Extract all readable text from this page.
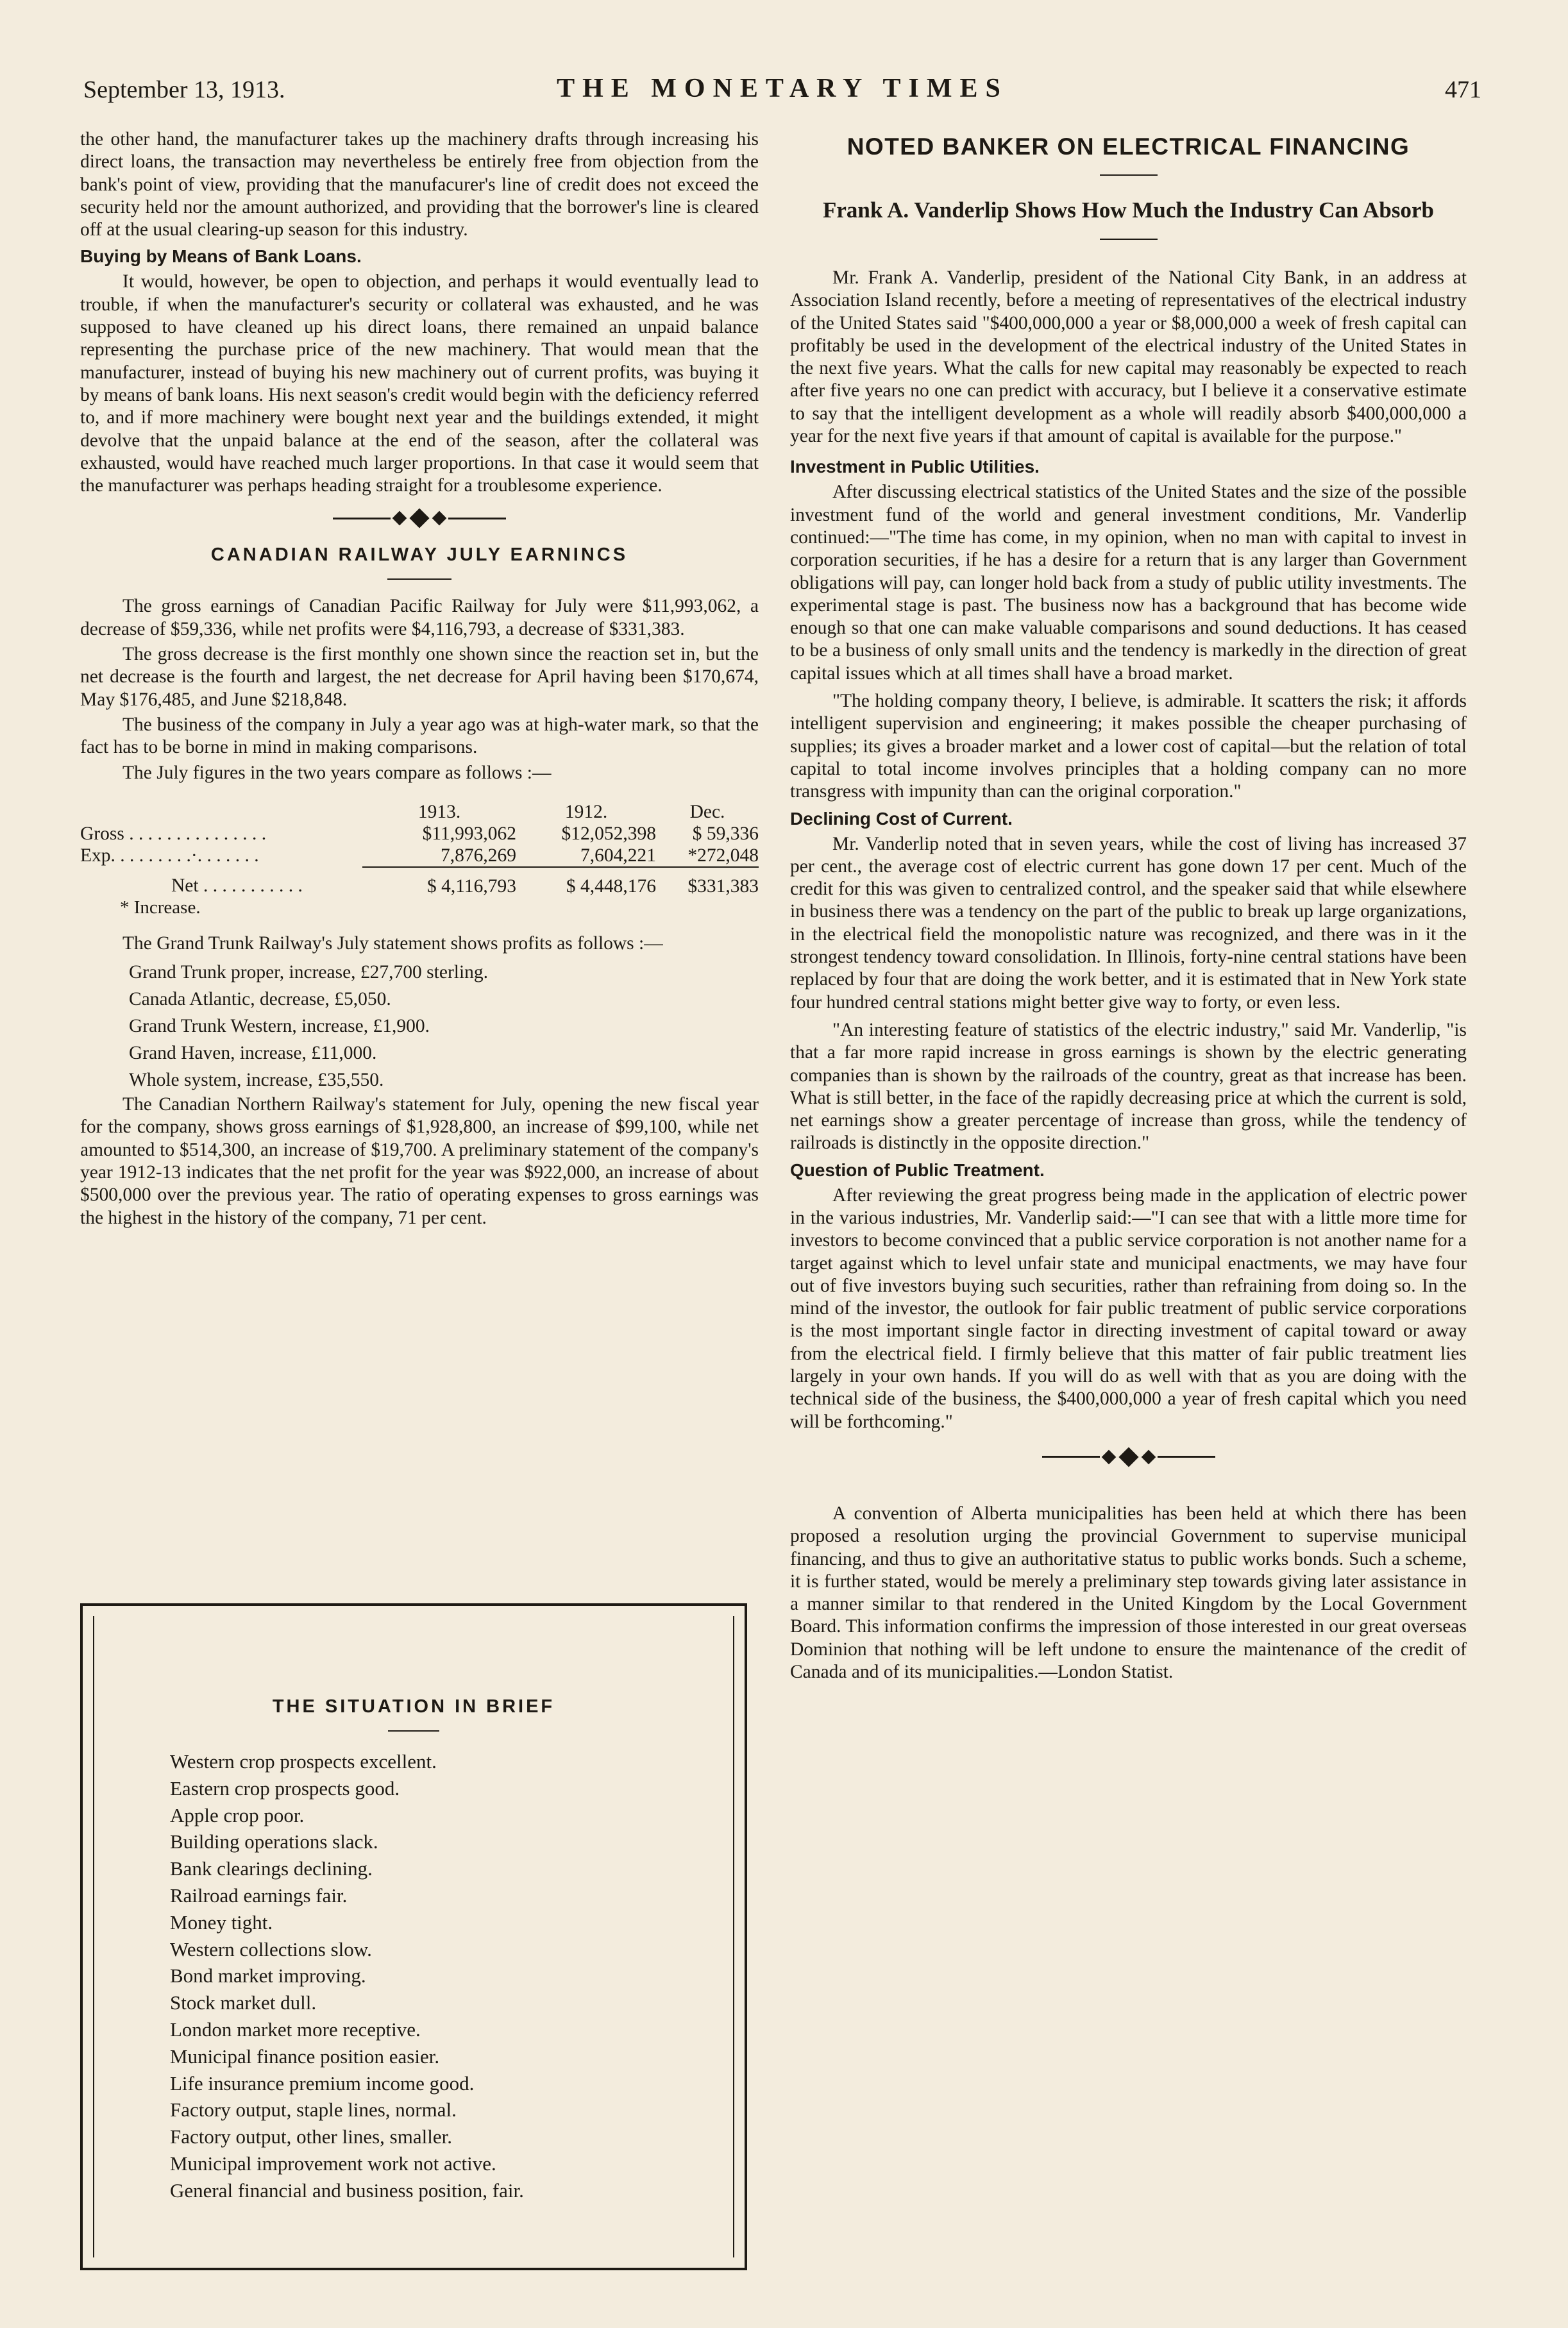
September 13, 1913.	THE MONETARY TIMES	471

the other hand, the manufacturer takes up the machinery drafts through increasing his direct loans, the transaction may nevertheless be entirely free from objection from the bank's point of view, providing that the manufacurer's line of credit does not exceed the security held nor the amount authorized, and providing that the borrower's line is cleared off at the usual clearing-up season for this industry.

Buying by Means of Bank Loans.

It would, however, be open to objection, and perhaps it would eventually lead to trouble, if when the manufacturer's security or collateral was exhausted, and he was supposed to have cleaned up his direct loans, there remained an unpaid balance representing the purchase price of the new machinery. That would mean that the manufacturer, instead of buying his new machinery out of current profits, was buying it by means of bank loans. His next season's credit would begin with the deficiency referred to, and if more machinery were bought next year and the buildings extended, it might devolve that the unpaid balance at the end of the season, after the collateral was exhausted, would have reached much larger proportions. In that case it would seem that the manufacturer was perhaps heading straight for a troublesome experience.

CANADIAN RAILWAY JULY EARNINCS

The gross earnings of Canadian Pacific Railway for July were $11,993,062, a decrease of $59,336, while net profits were $4,116,793, a decrease of $331,383.

The gross decrease is the first monthly one shown since the reaction set in, but the net decrease is the fourth and largest, the net decrease for April having been $170,674, May $176,485, and June $218,848.

The business of the company in July a year ago was at high-water mark, so that the fact has to be borne in mind in making comparisons.

The July figures in the two years compare as follows :—

	1913.	1912.	Dec.
Gross . . . . . . . . . . . . . . .	$11,993,062	$12,052,398	$ 59,336
Exp. . . . . . . . .·. . . . . . .	7,876,269	7,604,221	*272,048
Net . . . . . . . . . . .	$ 4,116,793	$ 4,448,176	$331,383
* Increase.

The Grand Trunk Railway's July statement shows profits as follows :—

Grand Trunk proper, increase, £27,700 sterling.
Canada Atlantic, decrease, £5,050.
Grand Trunk Western, increase, £1,900.
Grand Haven, increase, £11,000.
Whole system, increase, £35,550.

The Canadian Northern Railway's statement for July, opening the new fiscal year for the company, shows gross earnings of $1,928,800, an increase of $99,100, while net amounted to $514,300, an increase of $19,700. A preliminary statement of the company's year 1912-13 indicates that the net profit for the year was $922,000, an increase of about $500,000 over the previous year. The ratio of operating expenses to gross earnings was the highest in the history of the company, 71 per cent.

THE SITUATION IN BRIEF
Western crop prospects excellent.
Eastern crop prospects good.
Apple crop poor.
Building operations slack.
Bank clearings declining.
Railroad earnings fair.
Money tight.
Western collections slow.
Bond market improving.
Stock market dull.
London market more receptive.
Municipal finance position easier.
Life insurance premium income good.
Factory output, staple lines, normal.
Factory output, other lines, smaller.
Municipal improvement work not active.
General financial and business position, fair.
NOTED BANKER ON ELECTRICAL FINANCING
Frank A. Vanderlip Shows How Much the Industry Can Absorb

Mr. Frank A. Vanderlip, president of the National City Bank, in an address at Association Island recently, before a meeting of representatives of the electrical industry of the United States said "$400,000,000 a year or $8,000,000 a week of fresh capital can profitably be used in the development of the electrical industry of the United States in the next five years. What the calls for new capital may reasonably be expected to reach after five years no one can predict with accuracy, but I believe it a conservative estimate to say that the intelligent development as a whole will readily absorb $400,000,000 a year for the next five years if that amount of capital is available for the purpose."

Investment in Public Utilities.

After discussing electrical statistics of the United States and the size of the possible investment fund of the world and general investment conditions, Mr. Vanderlip continued:—"The time has come, in my opinion, when no man with capital to invest in corporation securities, if he has a desire for a return that is any larger than Government obligations will pay, can longer hold back from a study of public utility investments. The experimental stage is past. The business now has a background that has become wide enough so that one can make valuable comparisons and sound deductions. It has ceased to be a business of only small units and the tendency is markedly in the direction of great capital issues which at all times shall have a broad market.

"The holding company theory, I believe, is admirable. It scatters the risk; it affords intelligent supervision and engineering; it makes possible the cheaper purchasing of supplies; its gives a broader market and a lower cost of capital—but the relation of total capital to total income involves principles that a holding company can no more transgress with impunity than can the original corporation."

Declining Cost of Current.

Mr. Vanderlip noted that in seven years, while the cost of living has increased 37 per cent., the average cost of electric current has gone down 17 per cent. Much of the credit for this was given to centralized control, and the speaker said that while elsewhere in business there was a tendency on the part of the public to break up large organizations, in the electrical field the monopolistic nature was recognized, and there was in it the strongest tendency toward consolidation. In Illinois, forty-nine central stations have been replaced by four that are doing the work better, and it is estimated that in New York state four hundred central stations might better give way to forty, or even less.

"An interesting feature of statistics of the electric industry," said Mr. Vanderlip, "is that a far more rapid increase in gross earnings is shown by the electric generating companies than is shown by the railroads of the country, great as that increase has been. What is still better, in the face of the rapidly decreasing price at which the current is sold, net earnings show a greater percentage of increase than gross, while the tendency of railroads is distinctly in the opposite direction."

Question of Public Treatment.

After reviewing the great progress being made in the application of electric power in the various industries, Mr. Vanderlip said:—"I can see that with a little more time for investors to become convinced that a public service corporation is not another name for a target against which to level unfair state and municipal enactments, we may have four out of five investors buying such securities, rather than refraining from doing so. In the mind of the investor, the outlook for fair public treatment of public service corporations is the most important single factor in directing investment of capital toward or away from the electrical field. I firmly believe that this matter of fair public treatment lies largely in your own hands. If you will do as well with that as you are doing with the technical side of the business, the $400,000,000 a year of fresh capital which you need will be forthcoming."

A convention of Alberta municipalities has been held at which there has been proposed a resolution urging the provincial Government to supervise municipal financing, and thus to give an authoritative status to public works bonds. Such a scheme, it is further stated, would be merely a preliminary step towards giving later assistance in a manner similar to that rendered in the United Kingdom by the Local Government Board. This information confirms the impression of those interested in our great overseas Dominion that nothing will be left undone to ensure the maintenance of the credit of Canada and of its municipalities.—London Statist.
